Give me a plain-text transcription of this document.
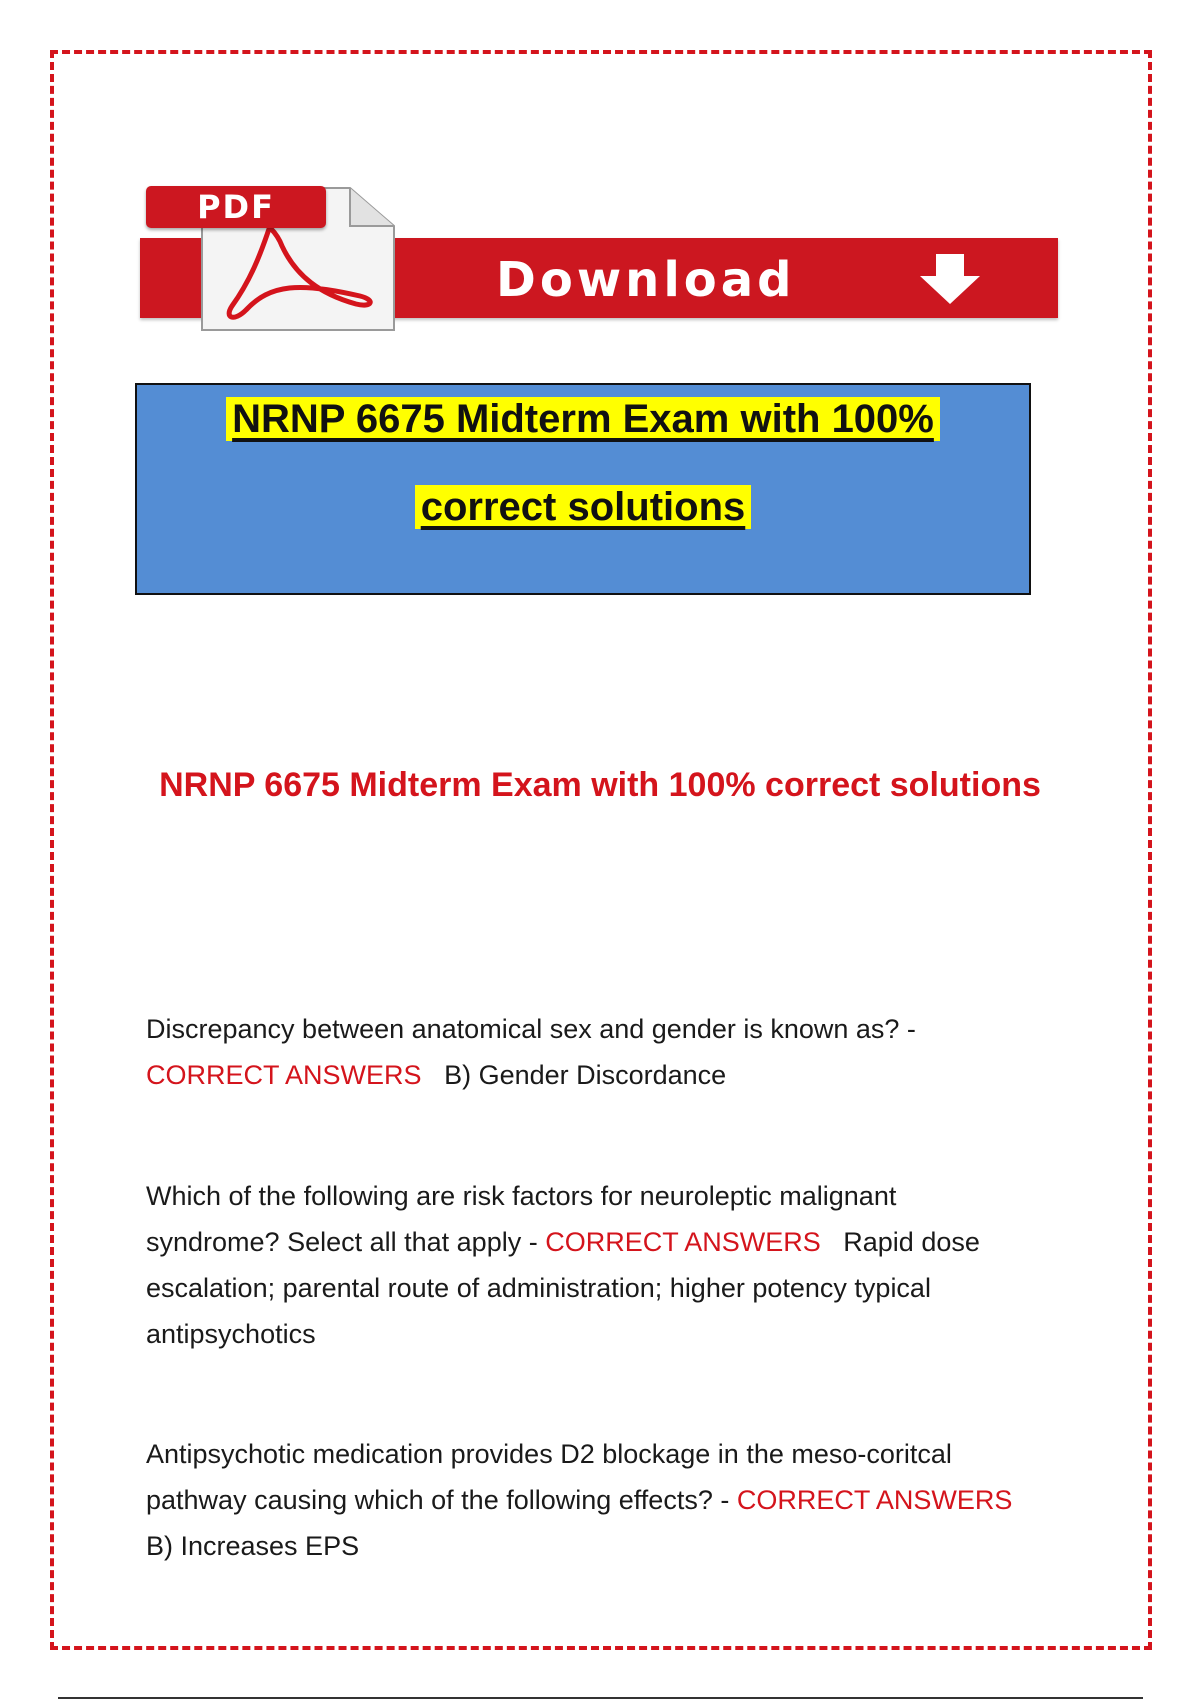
PDF
Download
NRNP 6675 Midterm Exam with 100%
correct solutions
NRNP 6675 Midterm Exam with 100% correct solutions
Discrepancy between anatomical sex and gender is known as? -
CORRECT ANSWERS B) Gender Discordance
Which of the following are risk factors for neuroleptic malignant syndrome? Select all that apply - CORRECT ANSWERS Rapid dose escalation; parental route of administration; higher potency typical antipsychotics
Antipsychotic medication provides D2 blockage in the meso-coritcal pathway causing which of the following effects? - CORRECT ANSWERS
B) Increases EPS
